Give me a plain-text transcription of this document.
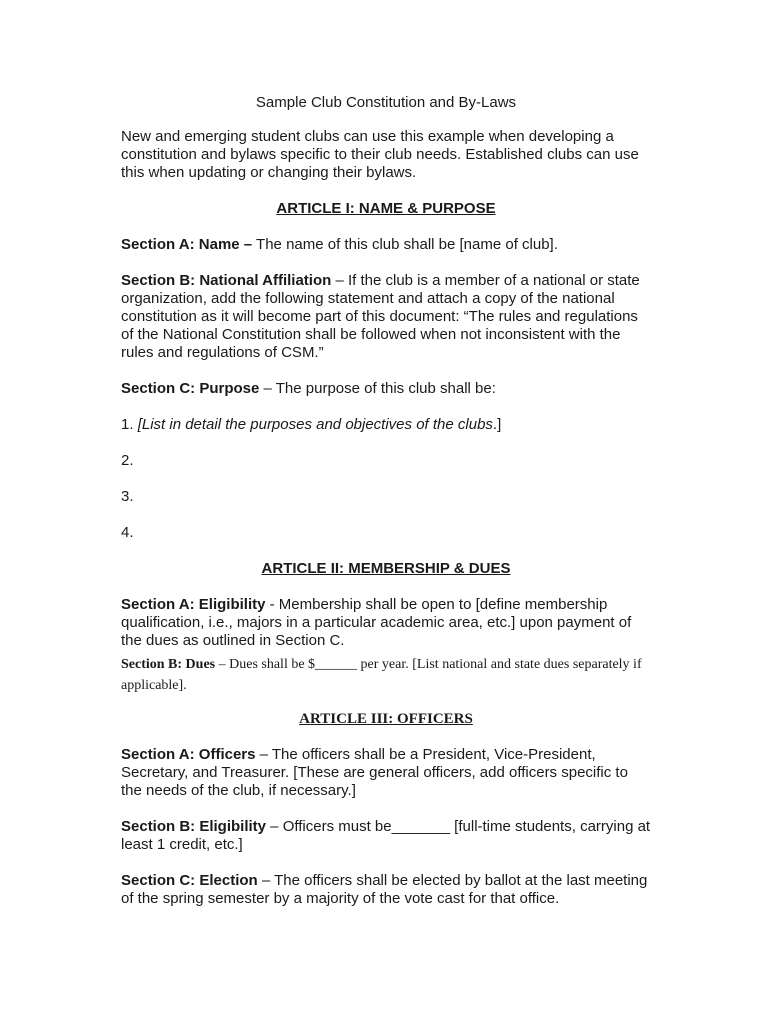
Sample Club Constitution and By-Laws

New and emerging student clubs can use this example when developing a constitution and bylaws specific to their club needs. Established clubs can use this when updating or changing their bylaws.

ARTICLE I: NAME & PURPOSE

Section A: Name – The name of this club shall be [name of club].

Section B: National Affiliation – If the club is a member of a national or state organization, add the following statement and attach a copy of the national constitution as it will become part of this document: “The rules and regulations of the National Constitution shall be followed when not inconsistent with the rules and regulations of CSM.”

Section C: Purpose – The purpose of this club shall be:

1. [List in detail the purposes and objectives of the clubs.]

2.

3.

4.

ARTICLE II: MEMBERSHIP & DUES

Section A: Eligibility - Membership shall be open to [define membership qualification, i.e., majors in a particular academic area, etc.] upon payment of the dues as outlined in Section C.

Section B: Dues – Dues shall be $______ per year. [List national and state dues separately if applicable].

ARTICLE III: OFFICERS

Section A: Officers – The officers shall be a President, Vice-President, Secretary, and Treasurer. [These are general officers, add officers specific to the needs of the club, if necessary.]

Section B: Eligibility – Officers must be_______ [full-time students, carrying at least 1 credit, etc.]

Section C: Election – The officers shall be elected by ballot at the last meeting of the spring semester by a majority of the vote cast for that office.
